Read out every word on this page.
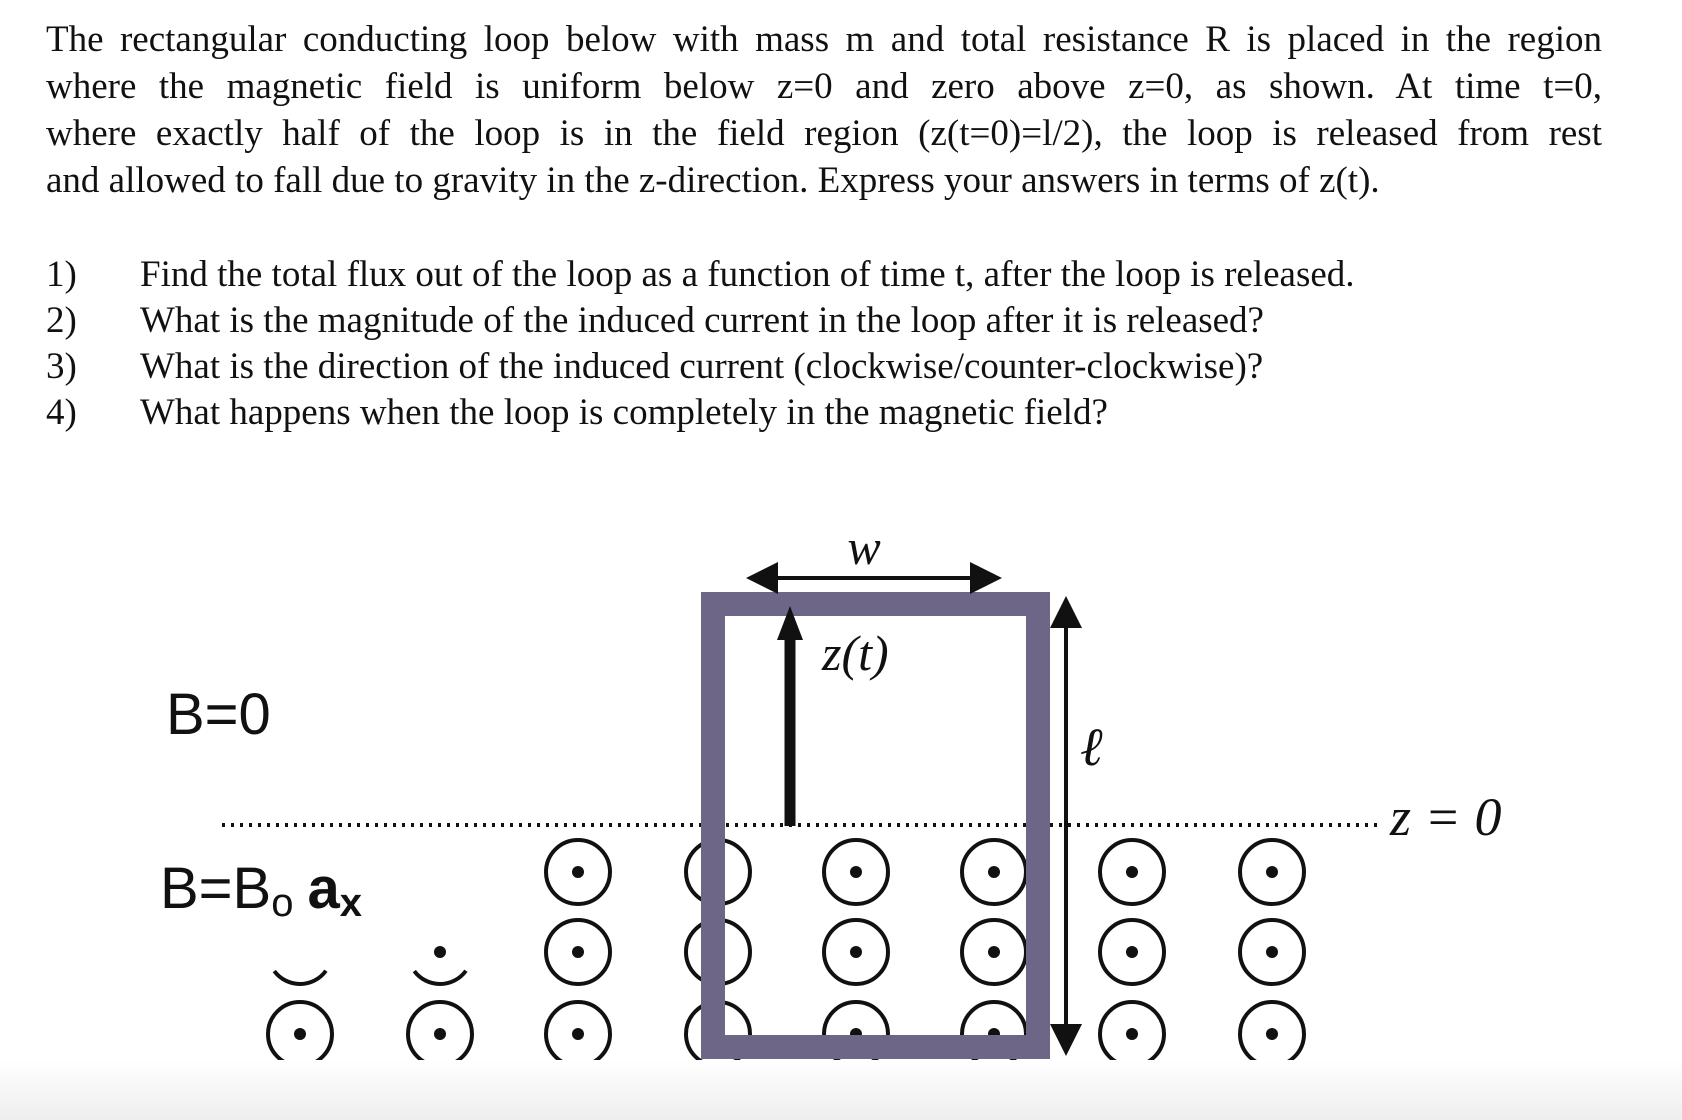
The rectangular conducting loop below with mass m and total resistance R is placed in the region
where the magnetic field is uniform below z=0 and zero above z=0, as shown. At time t=0,
where exactly half of the loop is in the field region (z(t=0)=l/2), the loop is released from rest
and allowed to fall due to gravity in the z-direction. Express your answers in terms of z(t).
1)	Find the total flux out of the loop as a function of time t, after the loop is released.
2)	What is the magnitude of the induced current in the loop after it is released?
3)	What is the direction of the induced current (clockwise/counter-clockwise)?
4)	What happens when the loop is completely in the magnetic field?
w
z(t)
ℓ
z = 0
B=0
B=Bo ax
